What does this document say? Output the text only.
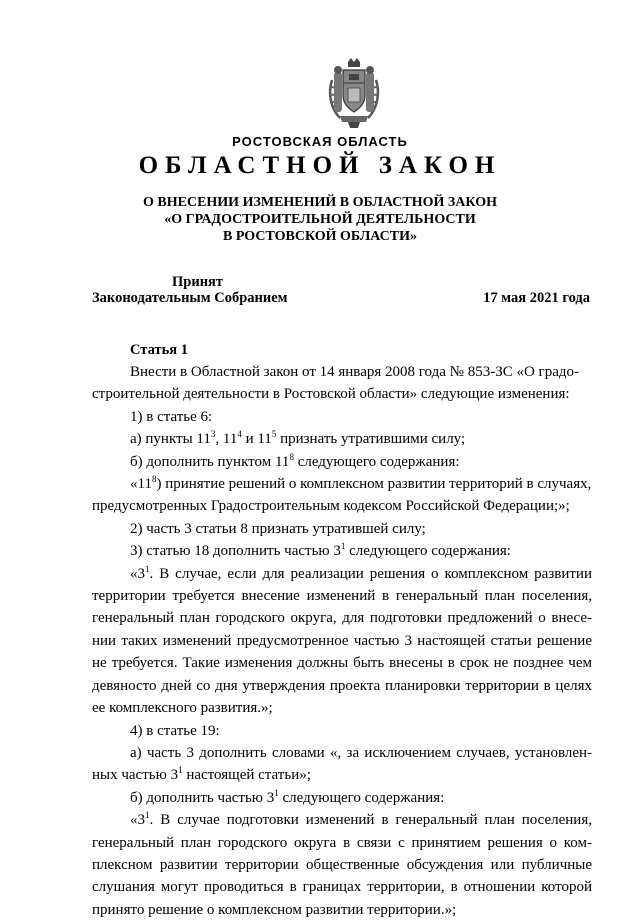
РОСТОВСКАЯ ОБЛАСТЬ
ОБЛАСТНОЙ ЗАКОН
О ВНЕСЕНИИ ИЗМЕНЕНИЙ В ОБЛАСТНОЙ ЗАКОН
«О ГРАДОСТРОИТЕЛЬНОЙ ДЕЯТЕЛЬНОСТИ
В РОСТОВСКОЙ ОБЛАСТИ»
Принят
Законодательным Собранием	17 мая 2021 года
Статья 1
Внести в Областной закон от 14 января 2008 года № 853-ЗС «О градо-
строительной деятельности в Ростовской области» следующие изменения:
1) в статье 6:
а) пункты $11^3$, $11^4$ и $11^5$ признать утратившими силу;
б) дополнить пунктом $11^8$ следующего содержания:
«$11^8$) принятие решений о комплексном развитии территорий в случаях,
предусмотренных Градостроительным кодексом Российской Федерации;»;
2) часть 3 статьи 8 признать утратившей силу;
3) статью 18 дополнить частью $3^1$ следующего содержания:
«$3^1$. В случае, если для реализации решения о комплексном развитии
территории требуется внесение изменений в генеральный план поселения,
генеральный план городского округа, для подготовки предложений о внесе-
нии таких изменений предусмотренное частью 3 настоящей статьи решение
не требуется. Такие изменения должны быть внесены в срок не позднее чем
девяносто дней со дня утверждения проекта планировки территории в целях
ее комплексного развития.»;
4) в статье 19:
а) часть 3 дополнить словами «, за исключением случаев, установлен-
ных частью $3^1$ настоящей статьи»;
б) дополнить частью $3^1$ следующего содержания:
«$3^1$. В случае подготовки изменений в генеральный план поселения,
генеральный план городского округа в связи с принятием решения о ком-
плексном развитии территории общественные обсуждения или публичные
слушания могут проводиться в границах территории, в отношении которой
принято решение о комплексном развитии территории.»;
